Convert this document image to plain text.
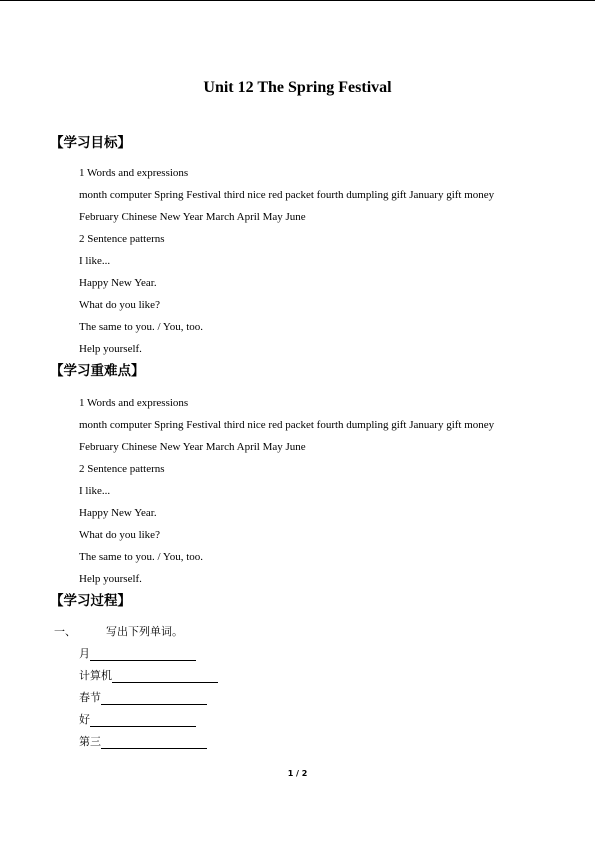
Unit 12 The Spring Festival
【学习目标】
1 Words and expressions
month computer Spring Festival third nice red packet fourth dumpling gift January gift money
February Chinese New Year March April May June
2 Sentence patterns
I like...
Happy New Year.
What do you like?
The same to you. / You, too.
Help yourself.
【学习重难点】
1 Words and expressions
month computer Spring Festival third nice red packet fourth dumpling gift January gift money
February Chinese New Year March April May June
2 Sentence patterns
I like...
Happy New Year.
What do you like?
The same to you. / You, too.
Help yourself.
【学习过程】
一、	写出下列单词。
月
计算机
春节
好
第三
1 / 2
